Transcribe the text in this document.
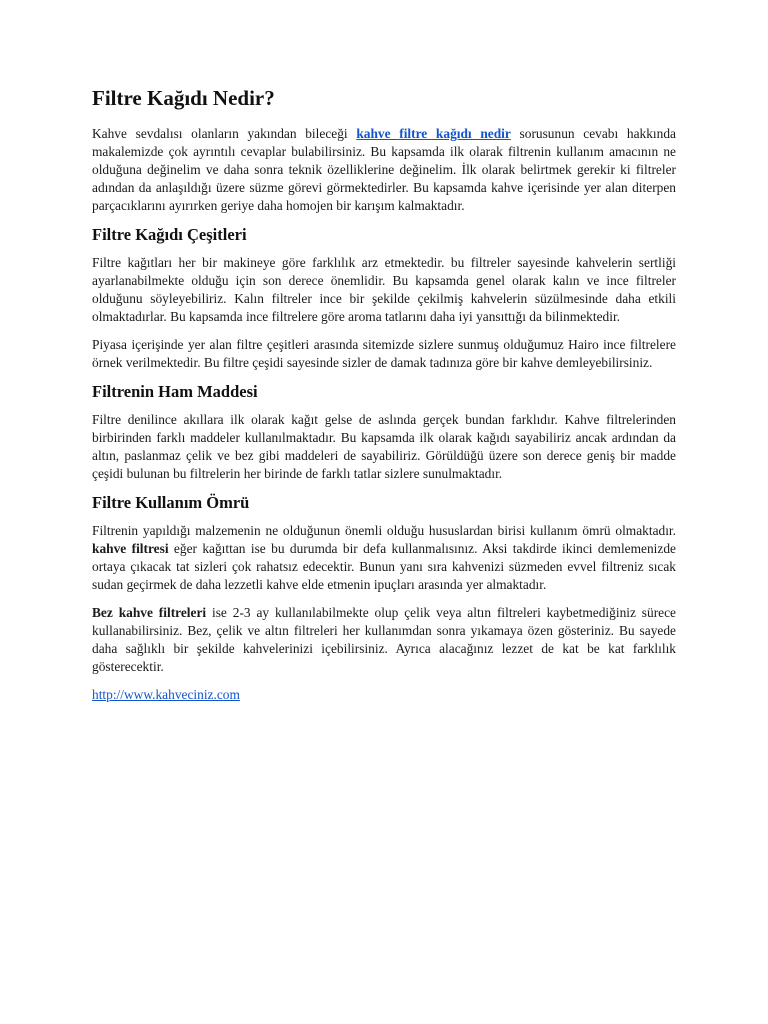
Filtre Kağıdı Nedir?

Kahve sevdalısı olanların yakından bileceği kahve filtre kağıdı nedir sorusunun cevabı hakkında makalemizde çok ayrıntılı cevaplar bulabilirsiniz. Bu kapsamda ilk olarak filtrenin kullanım amacının ne olduğuna değinelim ve daha sonra teknik özelliklerine değinelim. İlk olarak belirtmek gerekir ki filtreler adından da anlaşıldığı üzere süzme görevi görmektedirler. Bu kapsamda kahve içerisinde yer alan diterpen parçacıklarını ayırırken geriye daha homojen bir karışım kalmaktadır.

Filtre Kağıdı Çeşitleri

Filtre kağıtları her bir makineye göre farklılık arz etmektedir. bu filtreler sayesinde kahvelerin sertliği ayarlanabilmekte olduğu için son derece önemlidir. Bu kapsamda genel olarak kalın ve ince filtreler olduğunu söyleyebiliriz. Kalın filtreler ince bir şekilde çekilmiş kahvelerin süzülmesinde daha etkili olmaktadırlar. Bu kapsamda ince filtrelere göre aroma tatlarını daha iyi yansıttığı da bilinmektedir.

Piyasa içerişinde yer alan filtre çeşitleri arasında sitemizde sizlere sunmuş olduğumuz Hairo ince filtrelere örnek verilmektedir. Bu filtre çeşidi sayesinde sizler de damak tadınıza göre bir kahve demleyebilirsiniz.

Filtrenin Ham Maddesi

Filtre denilince akıllara ilk olarak kağıt gelse de aslında gerçek bundan farklıdır. Kahve filtrelerinden birbirinden farklı maddeler kullanılmaktadır. Bu kapsamda ilk olarak kağıdı sayabiliriz ancak ardından da altın, paslanmaz çelik ve bez gibi maddeleri de sayabiliriz. Görüldüğü üzere son derece geniş bir madde çeşidi bulunan bu filtrelerin her birinde de farklı tatlar sizlere sunulmaktadır.

Filtre Kullanım Ömrü

Filtrenin yapıldığı malzemenin ne olduğunun önemli olduğu hususlardan birisi kullanım ömrü olmaktadır. kahve filtresi eğer kağıttan ise bu durumda bir defa kullanmalısınız. Aksi takdirde ikinci demlemenizde ortaya çıkacak tat sizleri çok rahatsız edecektir. Bunun yanı sıra kahvenizi süzmeden evvel filtreniz sıcak sudan geçirmek de daha lezzetli kahve elde etmenin ipuçları arasında yer almaktadır.

Bez kahve filtreleri ise 2-3 ay kullanılabilmekte olup çelik veya altın filtreleri kaybetmediğiniz sürece kullanabilirsiniz. Bez, çelik ve altın filtreleri her kullanımdan sonra yıkamaya özen gösteriniz. Bu sayede daha sağlıklı bir şekilde kahvelerinizi içebilirsiniz. Ayrıca alacağınız lezzet de kat be kat farklılık gösterecektir.

http://www.kahveciniz.com
